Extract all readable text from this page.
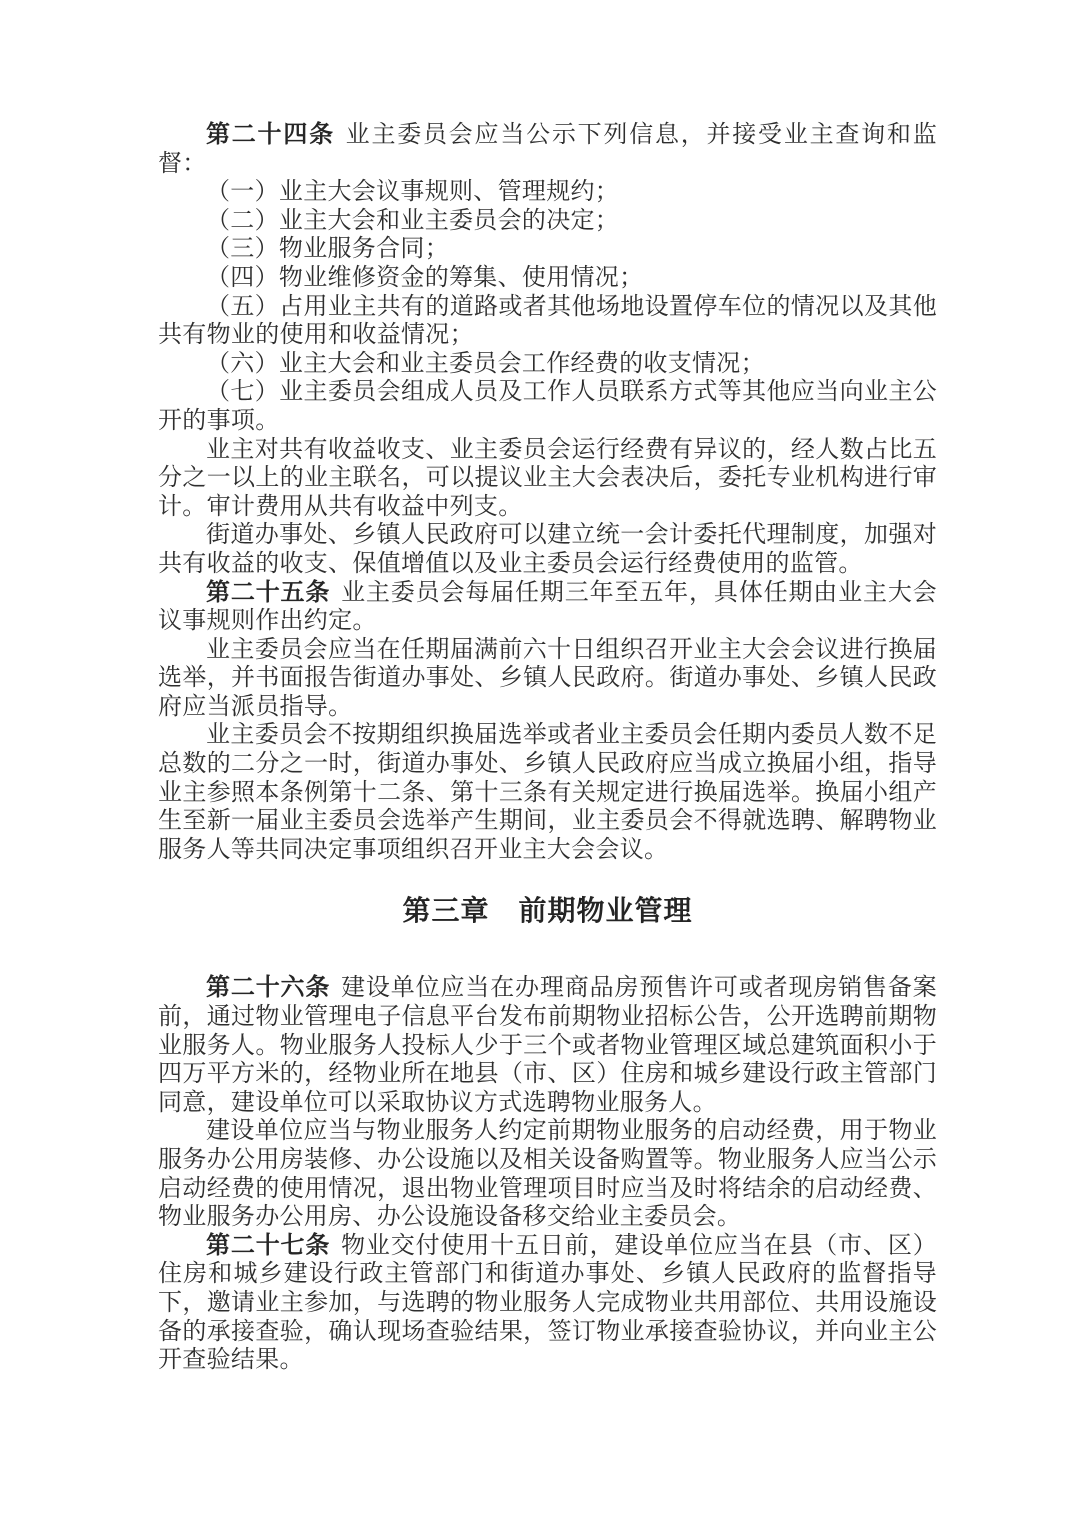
第二十四条 业主委员会应当公示下列信息，并接受业主查询和监督：

（一）业主大会议事规则、管理规约；

（二）业主大会和业主委员会的决定；

（三）物业服务合同；

（四）物业维修资金的筹集、使用情况；

（五）占用业主共有的道路或者其他场地设置停车位的情况以及其他共有物业的使用和收益情况；

（六）业主大会和业主委员会工作经费的收支情况；

（七）业主委员会组成人员及工作人员联系方式等其他应当向业主公开的事项。

业主对共有收益收支、业主委员会运行经费有异议的，经人数占比五分之一以上的业主联名，可以提议业主大会表决后，委托专业机构进行审计。审计费用从共有收益中列支。

街道办事处、乡镇人民政府可以建立统一会计委托代理制度，加强对共有收益的收支、保值增值以及业主委员会运行经费使用的监管。

第二十五条 业主委员会每届任期三年至五年，具体任期由业主大会议事规则作出约定。

业主委员会应当在任期届满前六十日组织召开业主大会会议进行换届选举，并书面报告街道办事处、乡镇人民政府。街道办事处、乡镇人民政府应当派员指导。

业主委员会不按期组织换届选举或者业主委员会任期内委员人数不足总数的二分之一时，街道办事处、乡镇人民政府应当成立换届小组，指导业主参照本条例第十二条、第十三条有关规定进行换届选举。换届小组产生至新一届业主委员会选举产生期间，业主委员会不得就选聘、解聘物业服务人等共同决定事项组织召开业主大会会议。

第三章　前期物业管理

第二十六条 建设单位应当在办理商品房预售许可或者现房销售备案前，通过物业管理电子信息平台发布前期物业招标公告，公开选聘前期物业服务人。物业服务人投标人少于三个或者物业管理区域总建筑面积小于四万平方米的，经物业所在地县（市、区）住房和城乡建设行政主管部门同意，建设单位可以采取协议方式选聘物业服务人。

建设单位应当与物业服务人约定前期物业服务的启动经费，用于物业服务办公用房装修、办公设施以及相关设备购置等。物业服务人应当公示启动经费的使用情况，退出物业管理项目时应当及时将结余的启动经费、物业服务办公用房、办公设施设备移交给业主委员会。

第二十七条 物业交付使用十五日前，建设单位应当在县（市、区）住房和城乡建设行政主管部门和街道办事处、乡镇人民政府的监督指导下，邀请业主参加，与选聘的物业服务人完成物业共用部位、共用设施设备的承接查验，确认现场查验结果，签订物业承接查验协议，并向业主公开查验结果。
